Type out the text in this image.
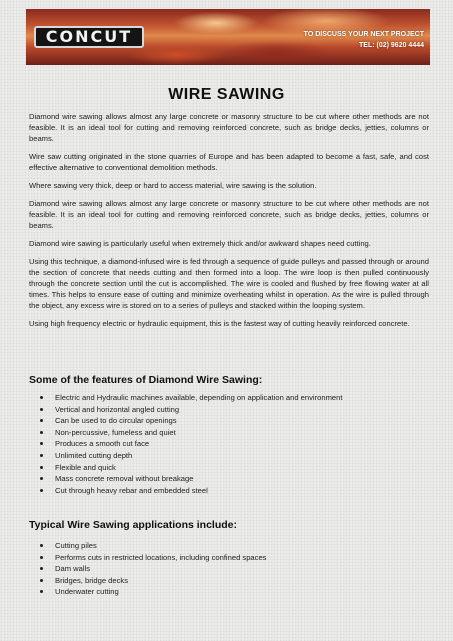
CONCUT	TO DISCUSS YOUR NEXT PROJECT
TEL: (02) 9620 4444
WIRE SAWING

Diamond wire sawing allows almost any large concrete or masonry structure to be cut where other methods are not feasible. It is an ideal tool for cutting and removing reinforced concrete, such as bridge decks, jetties, columns or beams.

Wire saw cutting originated in the stone quarries of Europe and has been adapted to become a fast, safe, and cost effective alternative to conventional demolition methods.

Where sawing very thick, deep or hard to access material, wire sawing is the solution.

Diamond wire sawing allows almost any large concrete or masonry structure to be cut where other methods are not feasible. It is an ideal tool for cutting and removing reinforced concrete, such as bridge decks, jetties, columns or beams.

Diamond wire sawing is particularly useful when extremely thick and/or awkward shapes need cutting.

Using this technique, a diamond-infused wire is fed through a sequence of guide pulleys and passed through or around the section of concrete that needs cutting and then formed into a loop. The wire loop is then pulled continuously through the concrete section until the cut is accomplished. The wire is cooled and flushed by free flowing water at all times. This helps to ensure ease of cutting and minimize overheating whilst in operation. As the wire is pulled through the object, any excess wire is stored on to a series of pulleys and stacked within the looping system.

Using high frequency electric or hydraulic equipment, this is the fastest way of cutting heavily reinforced concrete.

Some of the features of Diamond Wire Sawing:
Electric and Hydraulic machines available, depending on application and environment
Vertical and horizontal angled cutting
Can be used to do circular openings
Non-percussive, fumeless and quiet
Produces a smooth cut face
Unlimited cutting depth
Flexible and quick
Mass concrete removal without breakage
Cut through heavy rebar and embedded steel
Typical Wire Sawing applications include:
Cutting piles
Performs cuts in restricted locations, including confined spaces
Dam walls
Bridges, bridge decks
Underwater cutting
